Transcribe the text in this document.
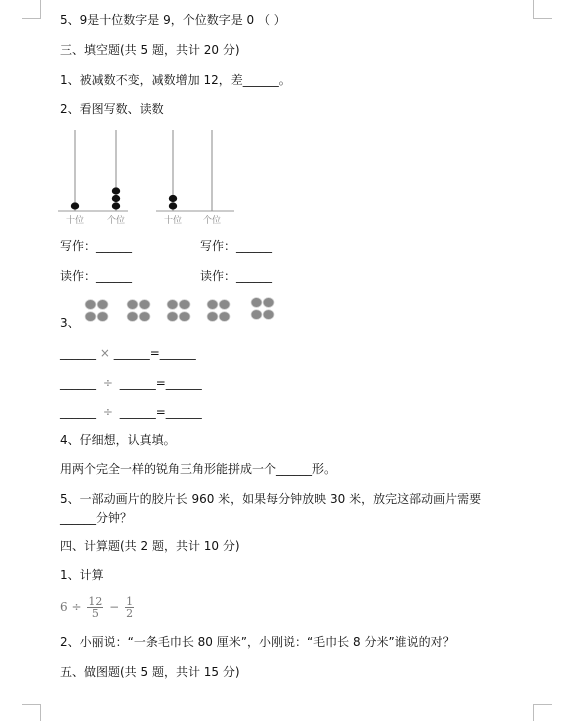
5、9是十位数字是 9，个位数字是 0 （ ）
三、填空题(共 5 题，共计 20 分)
1、被减数不变，减数增加 12，差______。
2、看图写数、读数
十位	个位	十位 个位
写作：______	写作：______
读作：______	读作：______
3、
______ × ______=______
______ ÷ ______=______
______ ÷ ______=______
4、仔细想，认真填。
用两个完全一样的锐角三角形能拼成一个______形。
5、一部动画片的胶片长 960 米，如果每分钟放映 30 米，放完这部动画片需要
______分钟？
四、计算题(共 2 题，共计 10 分)
1、计算
$6 \div \frac{12}{5} - \frac{1}{2}$
2、小丽说：“一条毛巾长 80 厘米”，小刚说：“毛巾长 8 分米”谁说的对？
五、做图题(共 5 题，共计 15 分)
